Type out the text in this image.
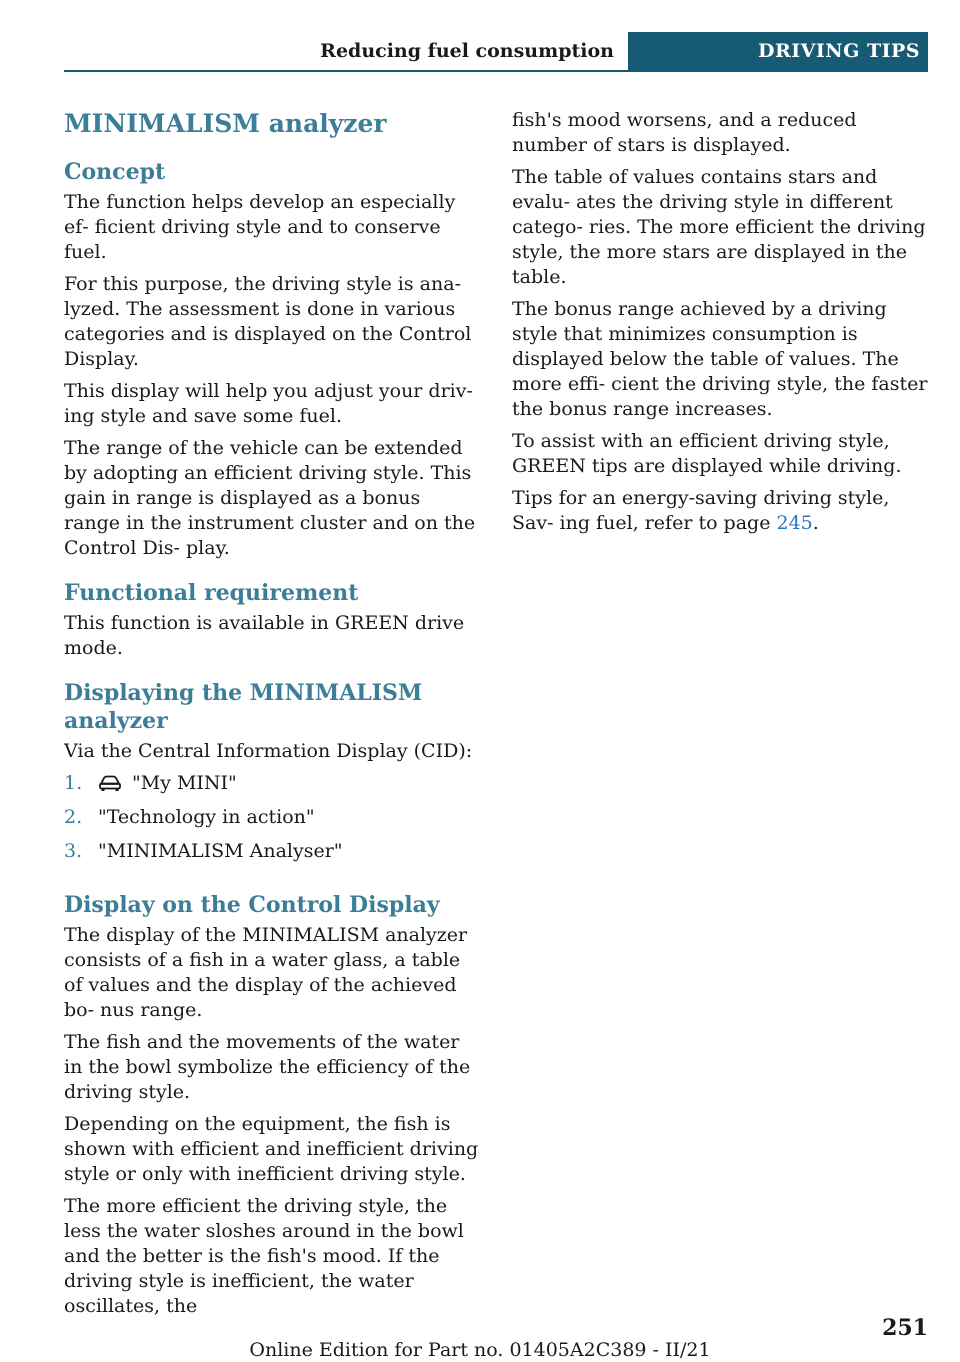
Reducing fuel consumption	DRIVING TIPS
MINIMALISM analyzer
Concept

The function helps develop an especially ef‐ ficient driving style and to conserve fuel.

For this purpose, the driving style is ana‐ lyzed. The assessment is done in various categories and is displayed on the Control Display.

This display will help you adjust your driv‐ ing style and save some fuel.

The range of the vehicle can be extended by adopting an efficient driving style. This gain in range is displayed as a bonus range in the instrument cluster and on the Control Dis‐ play.

Functional requirement

This function is available in GREEN drive mode.

Displaying the MINIMALISM analyzer

Via the Central Information Display (CID):

1.	"My MINI"
2. "Technology in action"
3. "MINIMALISM Analyser"
Display on the Control Display

The display of the MINIMALISM analyzer consists of a fish in a water glass, a table of values and the display of the achieved bo‐ nus range.

The fish and the movements of the water in the bowl symbolize the efficiency of the driving style.

Depending on the equipment, the fish is shown with efficient and inefficient driving style or only with inefficient driving style.

The more efficient the driving style, the less the water sloshes around in the bowl and the better is the fish's mood. If the driving style is inefficient, the water oscillates, the

fish's mood worsens, and a reduced number of stars is displayed.

The table of values contains stars and evalu‐ ates the driving style in different catego‐ ries. The more efficient the driving style, the more stars are displayed in the table.

The bonus range achieved by a driving style that minimizes consumption is displayed below the table of values. The more effi‐ cient the driving style, the faster the bonus range increases.

To assist with an efficient driving style, GREEN tips are displayed while driving.

Tips for an energy-saving driving style, Sav‐ ing fuel, refer to page 245.

251
Online Edition for Part no. 01405A2C389 - II/21
